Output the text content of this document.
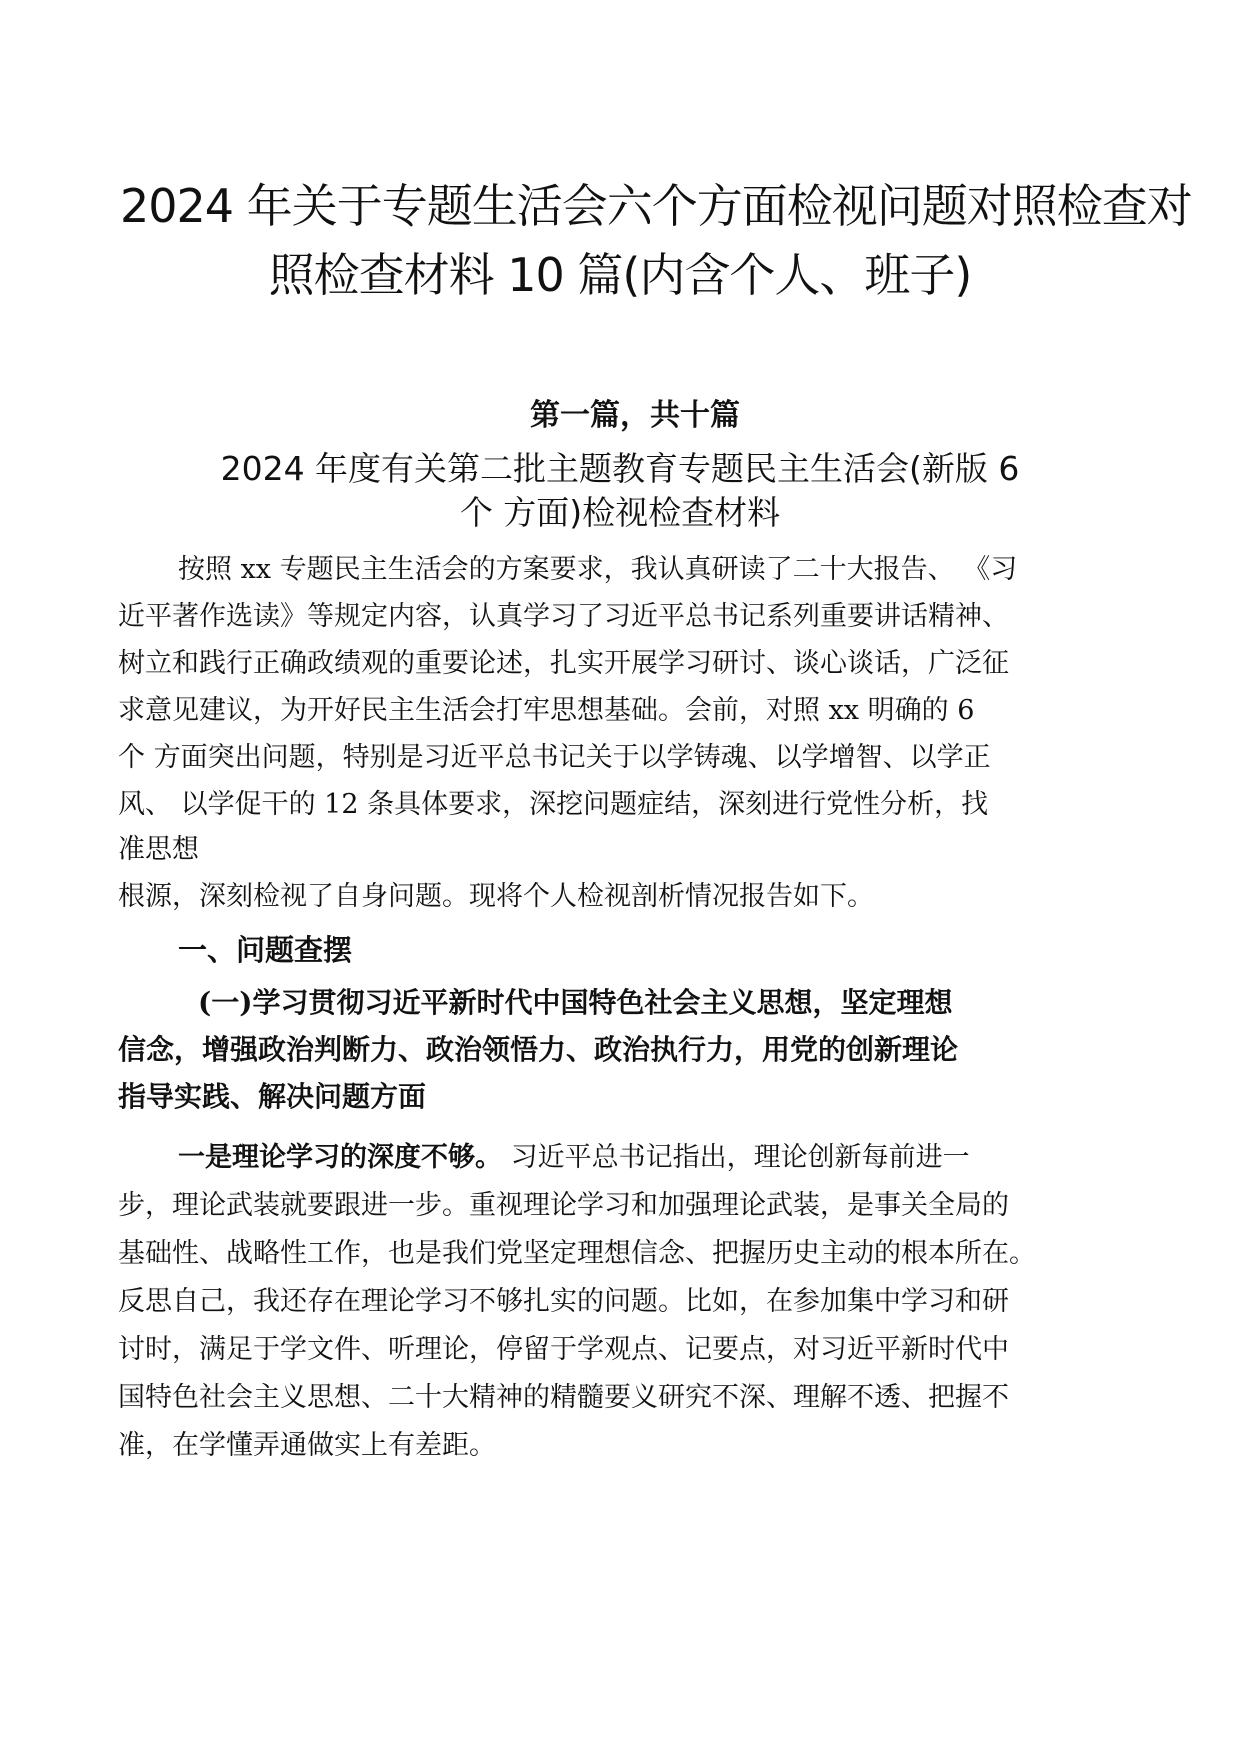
2024 年关于专题生活会六个方面检视问题对照检查对
照检查材料 10 篇(内含个人、班子)
第一篇，共十篇
2024 年度有关第二批主题教育专题民主生活会(新版 6
个 方面)检视检查材料
按照 xx 专题民主生活会的方案要求，我认真研读了二十大报告、 《习
近平著作选读》等规定内容，认真学习了习近平总书记系列重要讲话精神、
树立和践行正确政绩观的重要论述，扎实开展学习研讨、谈心谈话，广泛征
求意见建议，为开好民主生活会打牢思想基础。会前，对照 xx 明确的 6
个 方面突出问题，特别是习近平总书记关于以学铸魂、以学增智、以学正
风、 以学促干的 12 条具体要求，深挖问题症结，深刻进行党性分析，找
准思想
根源，深刻检视了自身问题。现将个人检视剖析情况报告如下。
一、问题查摆
(一)学习贯彻习近平新时代中国特色社会主义思想，坚定理想
信念，增强政治判断力、政治领悟力、政治执行力，用党的创新理论
指导实践、解决问题方面
一是理论学习的深度不够。 习近平总书记指出，理论创新每前进一
步，理论武装就要跟进一步。重视理论学习和加强理论武装，是事关全局的
基础性、战略性工作，也是我们党坚定理想信念、把握历史主动的根本所在。
反思自己，我还存在理论学习不够扎实的问题。比如，在参加集中学习和研
讨时，满足于学文件、听理论，停留于学观点、记要点，对习近平新时代中
国特色社会主义思想、二十大精神的精髓要义研究不深、理解不透、把握不
准，在学懂弄通做实上有差距。
